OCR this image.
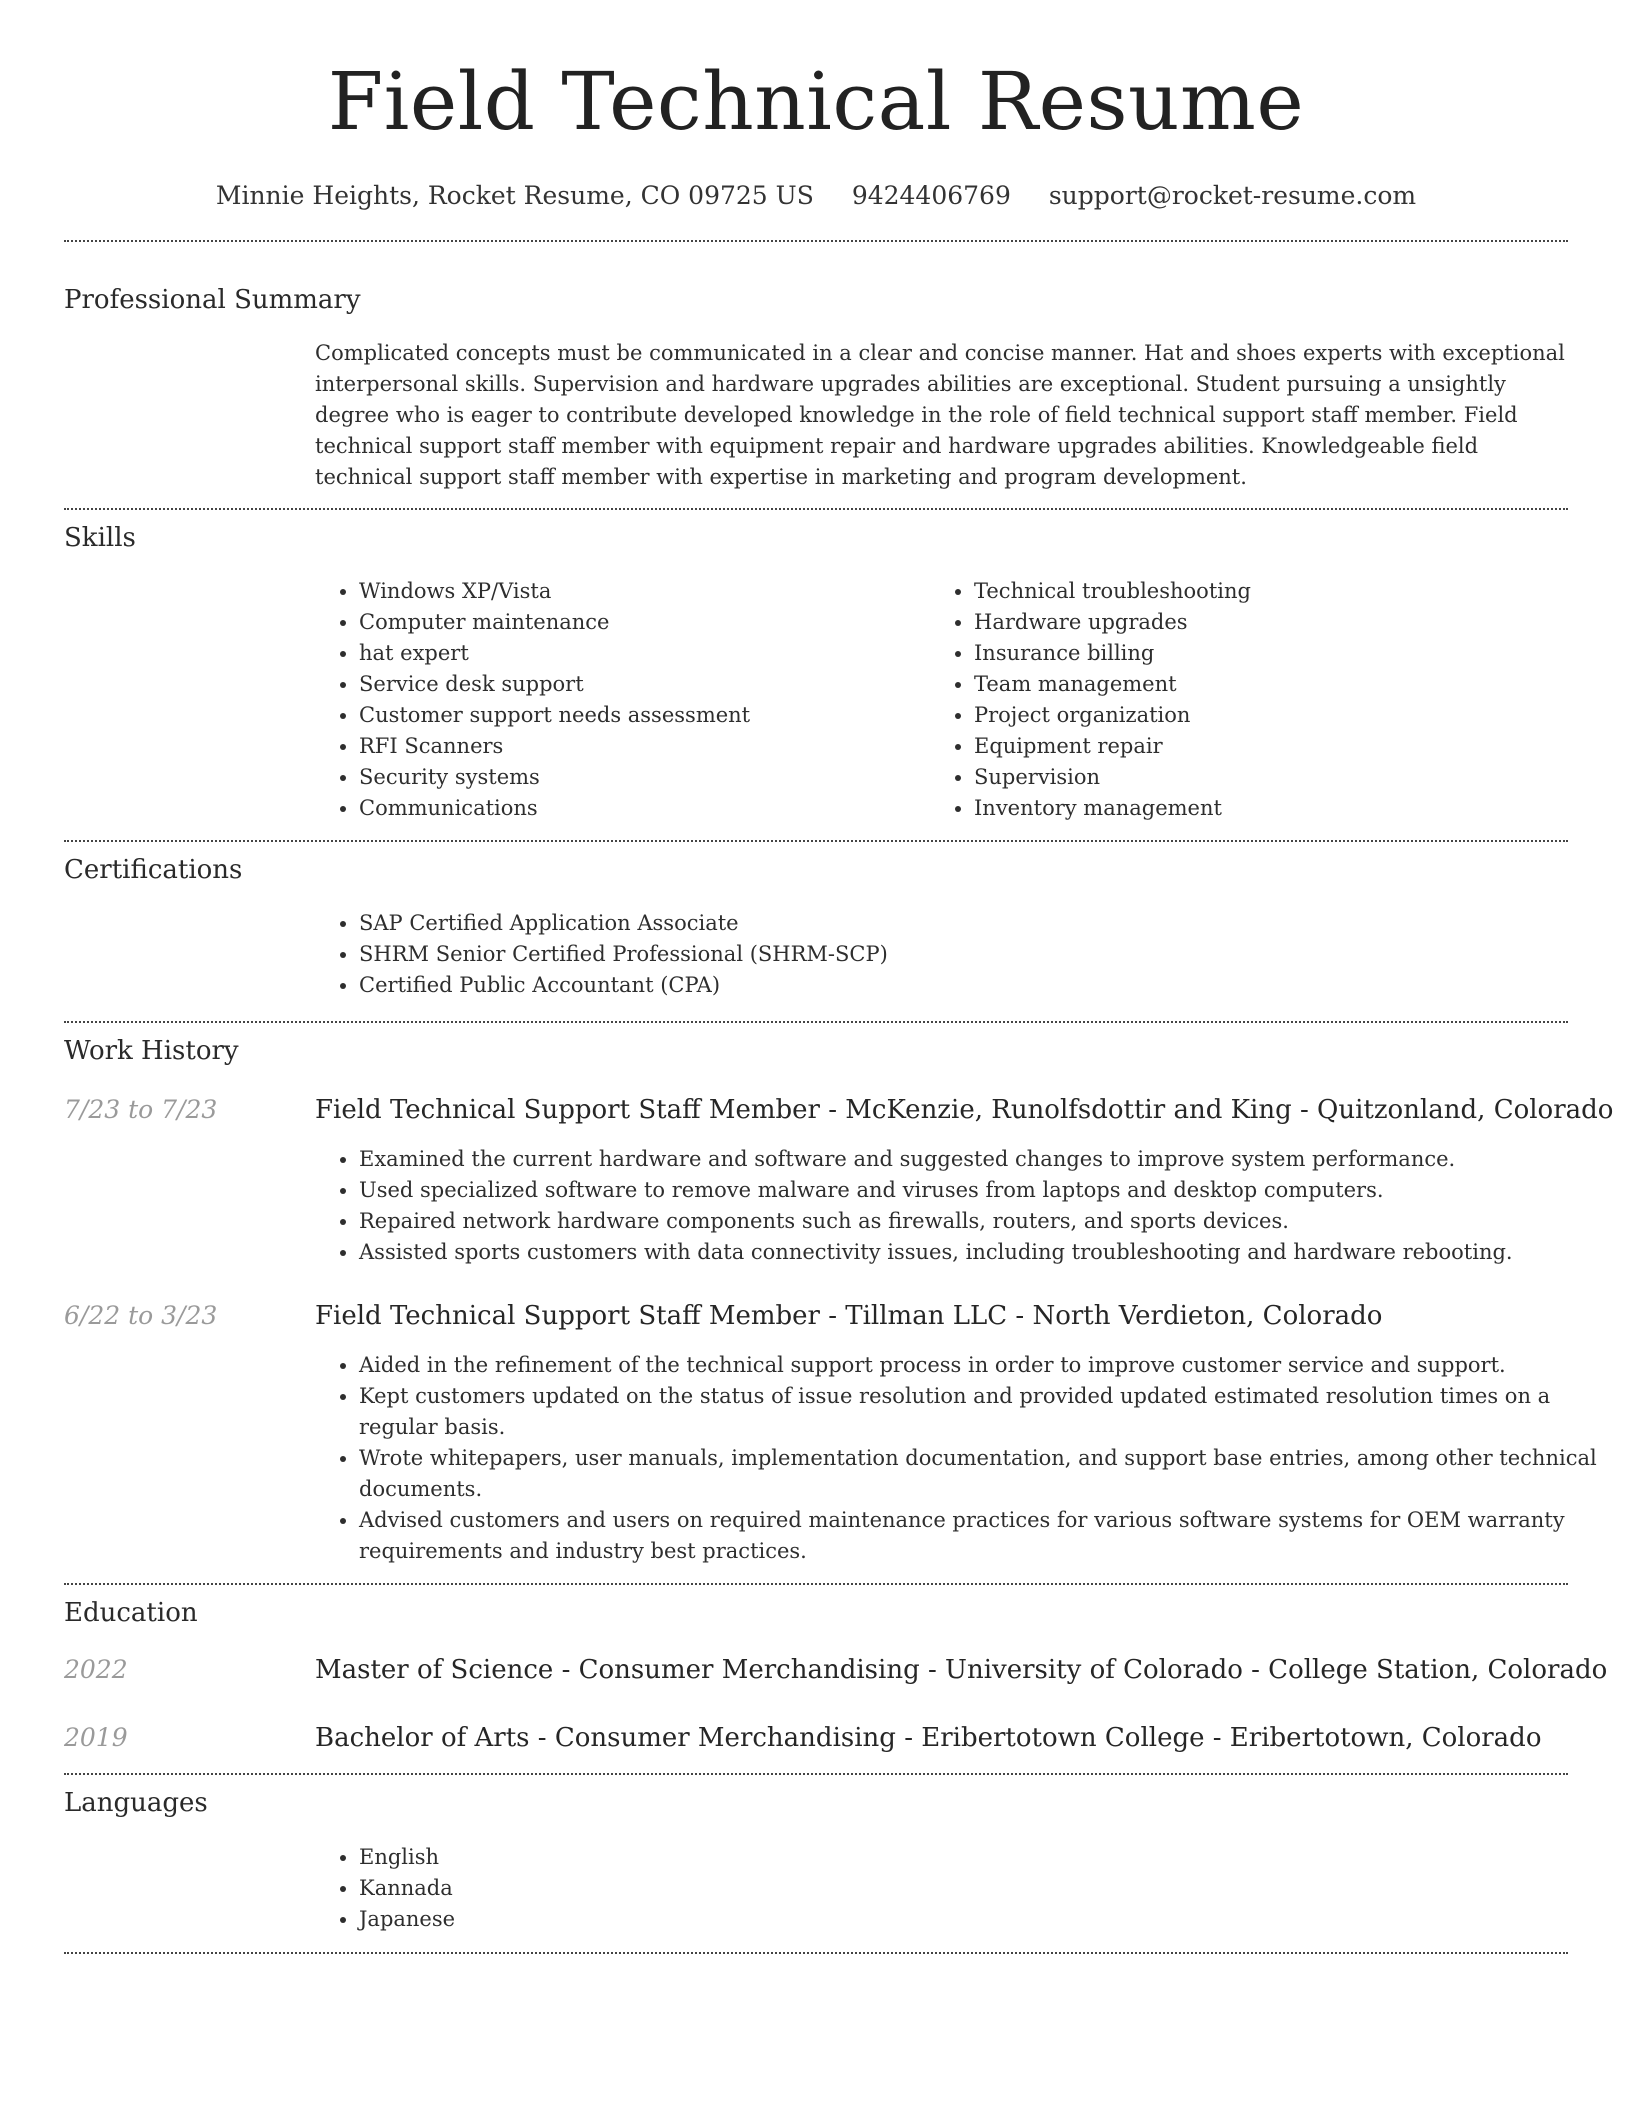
Field Technical Resume
Minnie Heights, Rocket Resume, CO 09725 US 9424406769 support@rocket-resume.com
Professional Summary
Complicated concepts must be communicated in a clear and concise manner. Hat and shoes experts with exceptional interpersonal skills. Supervision and hardware upgrades abilities are exceptional. Student pursuing a unsightly degree who is eager to contribute developed knowledge in the role of field technical support staff member. Field technical support staff member with equipment repair and hardware upgrades abilities. Knowledgeable field technical support staff member with expertise in marketing and program development.
Skills
• Windows XP/Vista
• Computer maintenance
• hat expert
• Service desk support
• Customer support needs assessment
• RFI Scanners
• Security systems
• Communications
• Technical troubleshooting
• Hardware upgrades
• Insurance billing
• Team management
• Project organization
• Equipment repair
• Supervision
• Inventory management
Certifications
• SAP Certified Application Associate
• SHRM Senior Certified Professional (SHRM-SCP)
• Certified Public Accountant (CPA)
Work History
7/23 to 7/23	Field Technical Support Staff Member - McKenzie, Runolfsdottir and King - Quitzonland, Colorado
• Examined the current hardware and software and suggested changes to improve system performance.
• Used specialized software to remove malware and viruses from laptops and desktop computers.
• Repaired network hardware components such as firewalls, routers, and sports devices.
• Assisted sports customers with data connectivity issues, including troubleshooting and hardware rebooting.
6/22 to 3/23	Field Technical Support Staff Member - Tillman LLC - North Verdieton, Colorado
• Aided in the refinement of the technical support process in order to improve customer service and support.
• Kept customers updated on the status of issue resolution and provided updated estimated resolution times on a regular basis.
• Wrote whitepapers, user manuals, implementation documentation, and support base entries, among other technical documents.
• Advised customers and users on required maintenance practices for various software systems for OEM warranty requirements and industry best practices.
Education
2022	Master of Science - Consumer Merchandising - University of Colorado - College Station, Colorado
2019	Bachelor of Arts - Consumer Merchandising - Eribertotown College - Eribertotown, Colorado
Languages
• English
• Kannada
• Japanese
